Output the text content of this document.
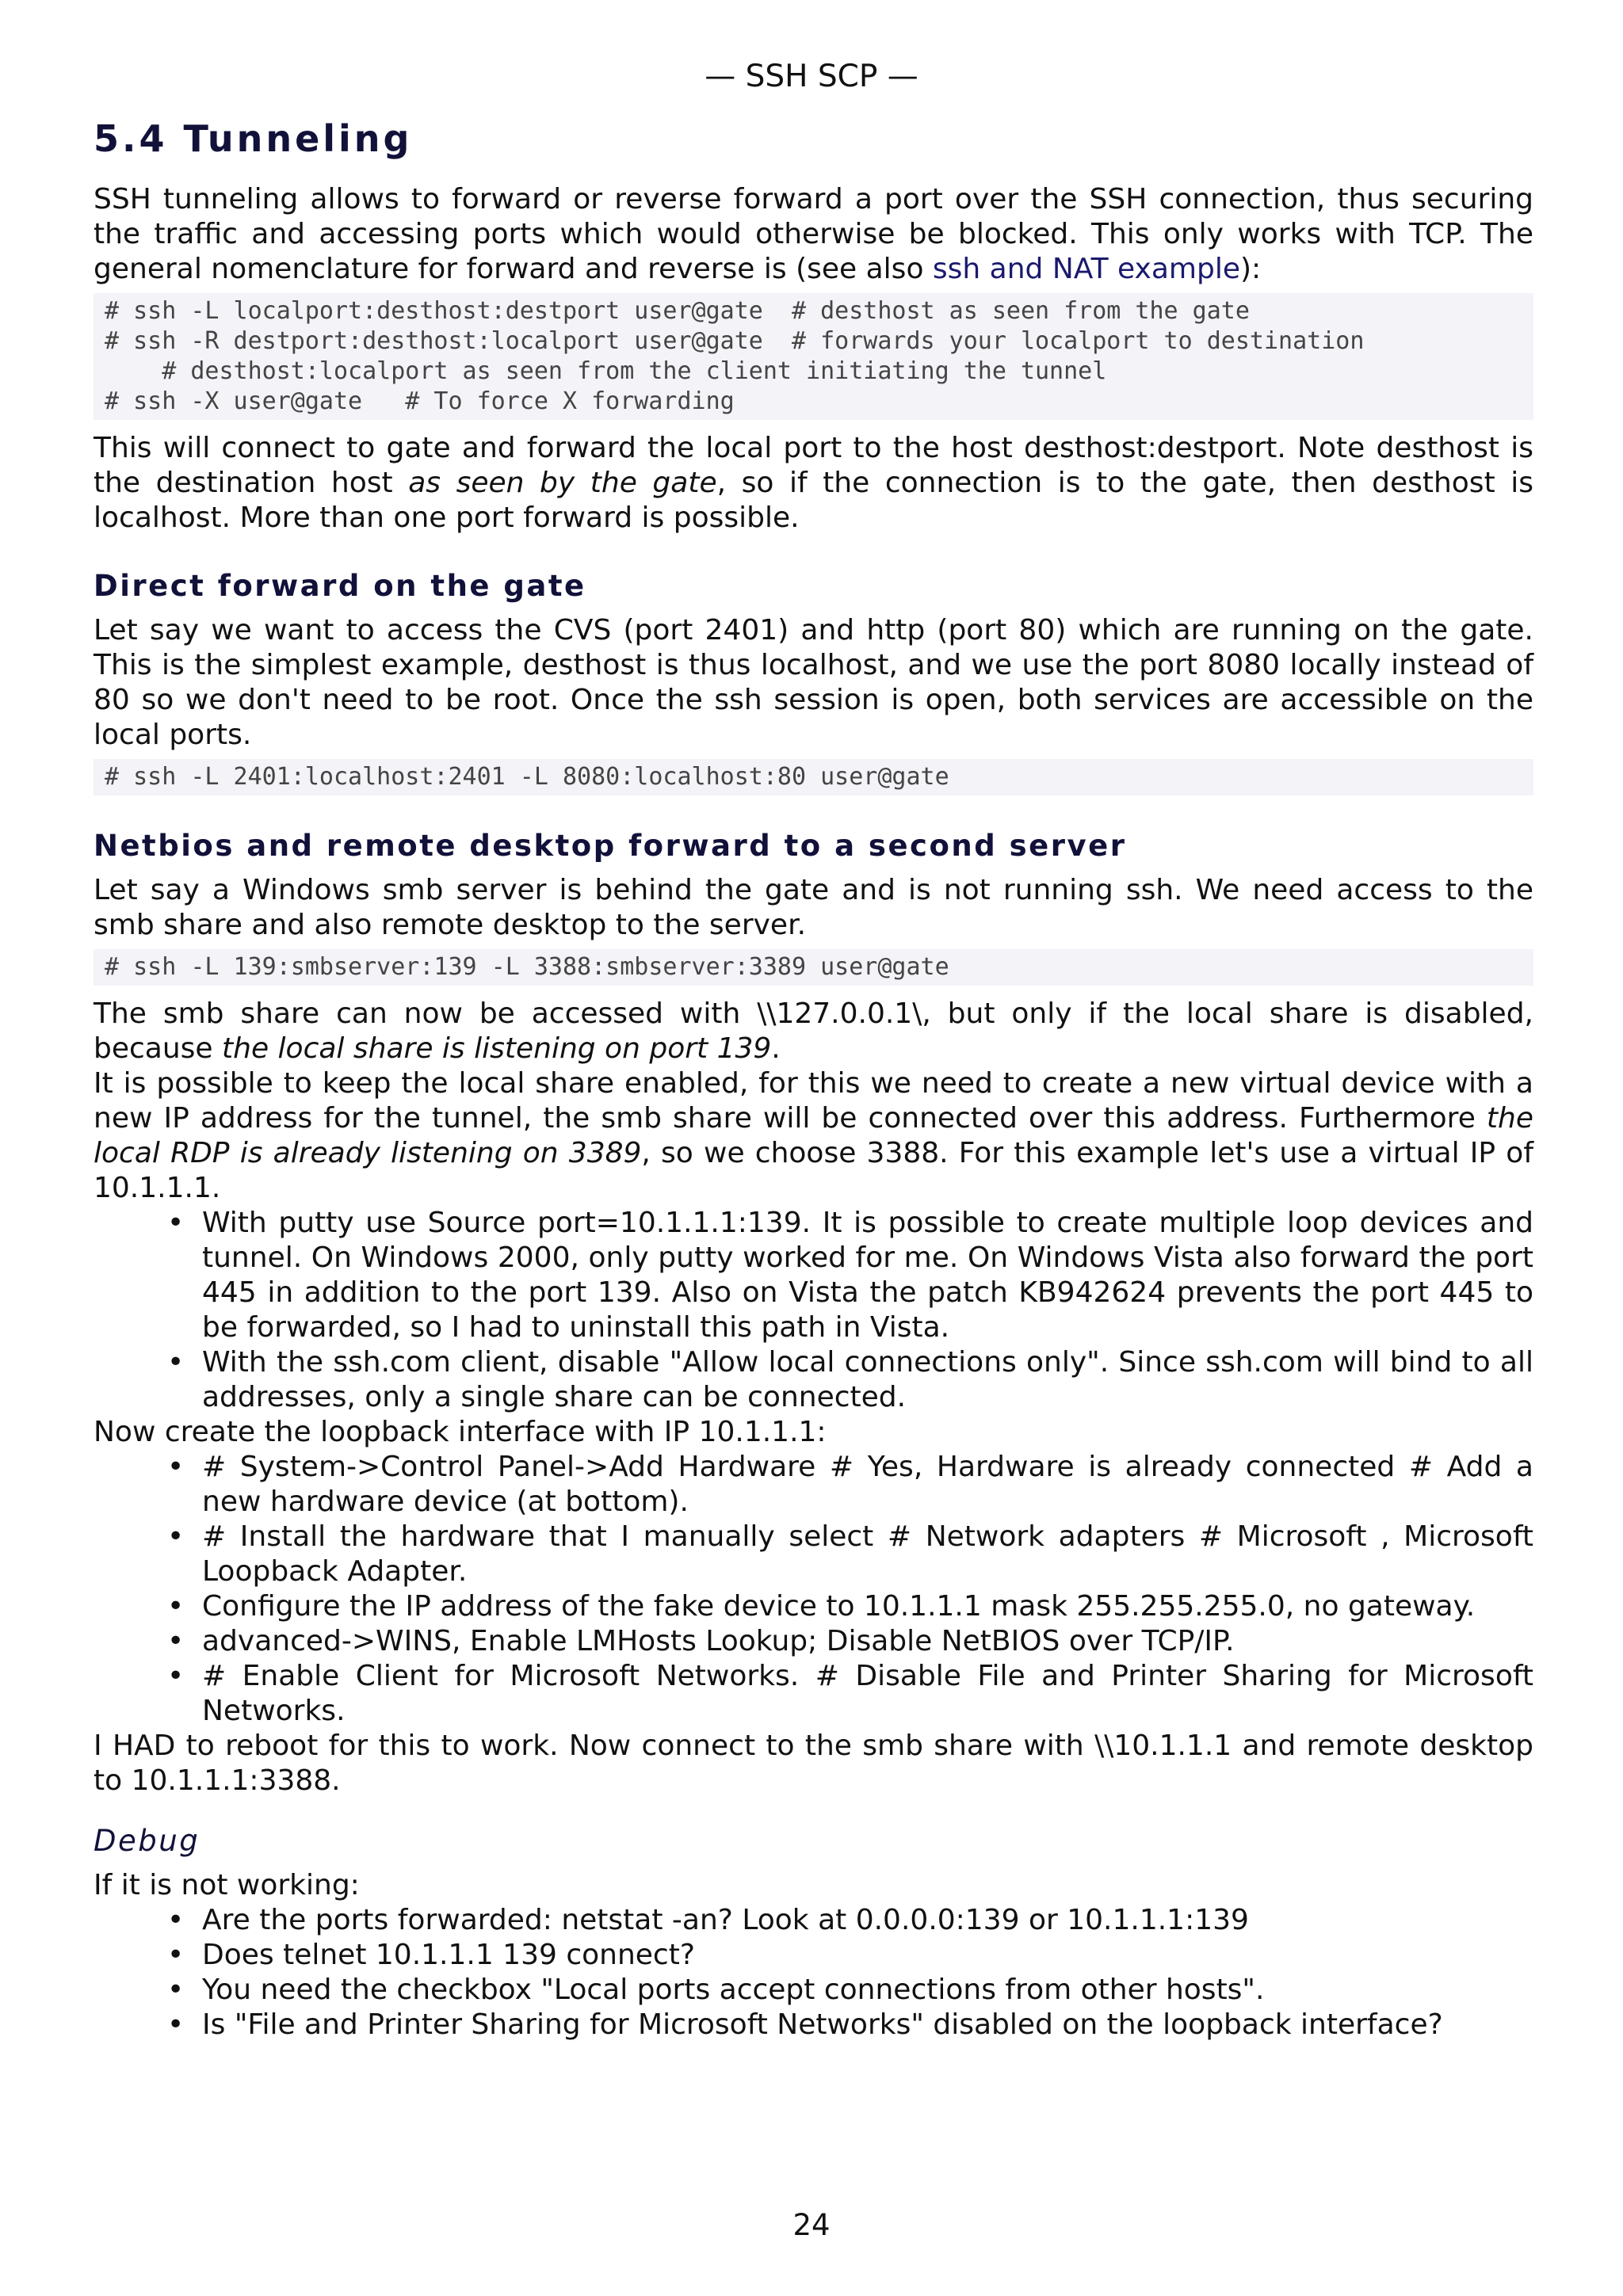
— SSH SCP —
5.4 Tunneling

SSH tunneling allows to forward or reverse forward a port over the SSH connection, thus securing the traffic and accessing ports which would otherwise be blocked. This only works with TCP. The general nomenclature for forward and reverse is (see also ssh and NAT example):

# ssh -L localport:desthost:destport user@gate  # desthost as seen from the gate
# ssh -R destport:desthost:localport user@gate  # forwards your localport to destination
# desthost:localport as seen from the client initiating the tunnel
# ssh -X user@gate   # To force X forwarding

This will connect to gate and forward the local port to the host desthost:destport. Note desthost is the destination host as seen by the gate, so if the connection is to the gate, then desthost is localhost. More than one port forward is possible.

Direct forward on the gate

Let say we want to access the CVS (port 2401) and http (port 80) which are running on the gate. This is the simplest example, desthost is thus localhost, and we use the port 8080 locally instead of 80 so we don't need to be root. Once the ssh session is open, both services are accessible on the local ports.

# ssh -L 2401:localhost:2401 -L 8080:localhost:80 user@gate
Netbios and remote desktop forward to a second server

Let say a Windows smb server is behind the gate and is not running ssh. We need access to the smb share and also remote desktop to the server.

# ssh -L 139:smbserver:139 -L 3388:smbserver:3389 user@gate

The smb share can now be accessed with \\127.0.0.1\, but only if the local share is disabled, because the local share is listening on port 139.

It is possible to keep the local share enabled, for this we need to create a new virtual device with a new IP address for the tunnel, the smb share will be connected over this address. Furthermore the local RDP is already listening on 3389, so we choose 3388. For this example let's use a virtual IP of 10.1.1.1.

• With putty use Source port=10.1.1.1:139. It is possible to create multiple loop devices and tunnel. On Windows 2000, only putty worked for me. On Windows Vista also forward the port 445 in addition to the port 139. Also on Vista the patch KB942624 prevents the port 445 to be forwarded, so I had to uninstall this path in Vista.
• With the ssh.com client, disable "Allow local connections only". Since ssh.com will bind to all addresses, only a single share can be connected.

Now create the loopback interface with IP 10.1.1.1:

• # System->Control Panel->Add Hardware # Yes, Hardware is already connected # Add a new hardware device (at bottom).
• # Install the hardware that I manually select # Network adapters # Microsoft , Microsoft Loopback Adapter.
• Configure the IP address of the fake device to 10.1.1.1 mask 255.255.255.0, no gateway.
• advanced->WINS, Enable LMHosts Lookup; Disable NetBIOS over TCP/IP.
• # Enable Client for Microsoft Networks. # Disable File and Printer Sharing for Microsoft Networks.

I HAD to reboot for this to work. Now connect to the smb share with \\10.1.1.1 and remote desktop to 10.1.1.1:3388.

Debug

If it is not working:

• Are the ports forwarded: netstat -an? Look at 0.0.0.0:139 or 10.1.1.1:139
• Does telnet 10.1.1.1 139 connect?
• You need the checkbox "Local ports accept connections from other hosts".
• Is "File and Printer Sharing for Microsoft Networks" disabled on the loopback interface?
24
